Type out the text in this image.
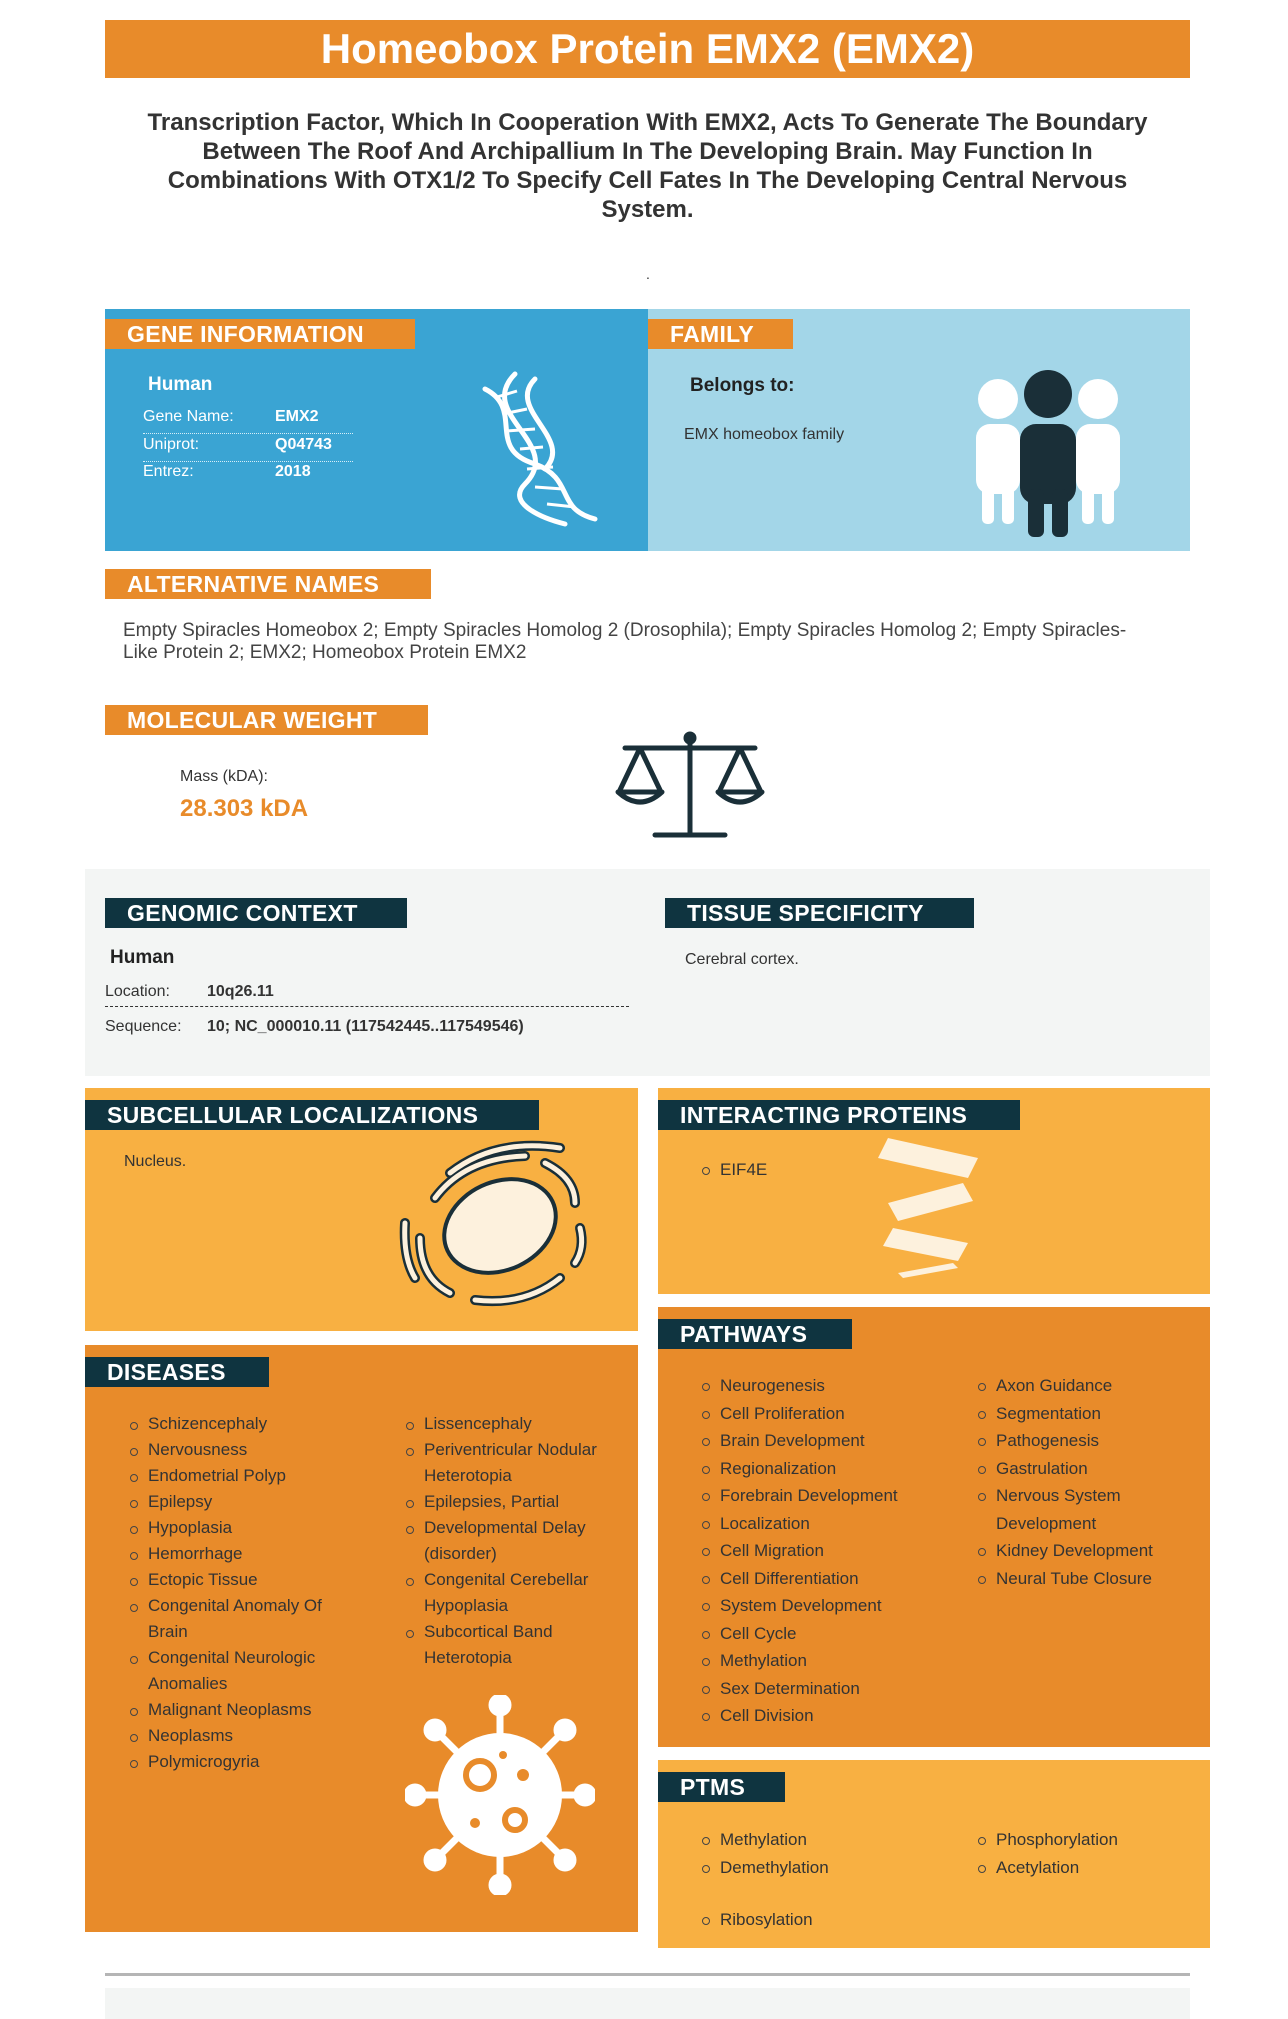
Homeobox Protein EMX2 (EMX2)
Transcription Factor, Which In Cooperation With EMX2, Acts To Generate The Boundary Between The Roof And Archipallium In The Developing Brain. May Function In Combinations With OTX1/2 To Specify Cell Fates In The Developing Central Nervous System.
.
GENE INFORMATION
Human
Gene Name:	EMX2
Uniprot:	Q04743
Entrez:	2018
FAMILY
Belongs to:
EMX homeobox family
ALTERNATIVE NAMES
Empty Spiracles Homeobox 2; Empty Spiracles Homolog 2 (Drosophila); Empty Spiracles Homolog 2; Empty Spiracles-Like Protein 2; EMX2; Homeobox Protein EMX2
MOLECULAR WEIGHT
Mass (kDA):
28.303 kDA
GENOMIC CONTEXT
Human
Location: 10q26.11
Sequence: 10; NC_000010.11 (117542445..117549546)
TISSUE SPECIFICITY
Cerebral cortex.
SUBCELLULAR LOCALIZATIONS
Nucleus.
INTERACTING PROTEINS
EIF4E
DISEASES
Schizencephaly
Nervousness
Endometrial Polyp
Epilepsy
Hypoplasia
Hemorrhage
Ectopic Tissue
Congenital Anomaly Of Brain
Congenital Neurologic Anomalies
Malignant Neoplasms
Neoplasms
Polymicrogyria
Lissencephaly
Periventricular Nodular Heterotopia
Epilepsies, Partial
Developmental Delay (disorder)
Congenital Cerebellar Hypoplasia
Subcortical Band Heterotopia
PATHWAYS
Neurogenesis
Cell Proliferation
Brain Development
Regionalization
Forebrain Development
Localization
Cell Migration
Cell Differentiation
System Development
Cell Cycle
Methylation
Sex Determination
Cell Division
Axon Guidance
Segmentation
Pathogenesis
Gastrulation
Nervous System Development
Kidney Development
Neural Tube Closure
PTMS
Methylation
Demethylation
Phosphorylation
Acetylation
Ribosylation
